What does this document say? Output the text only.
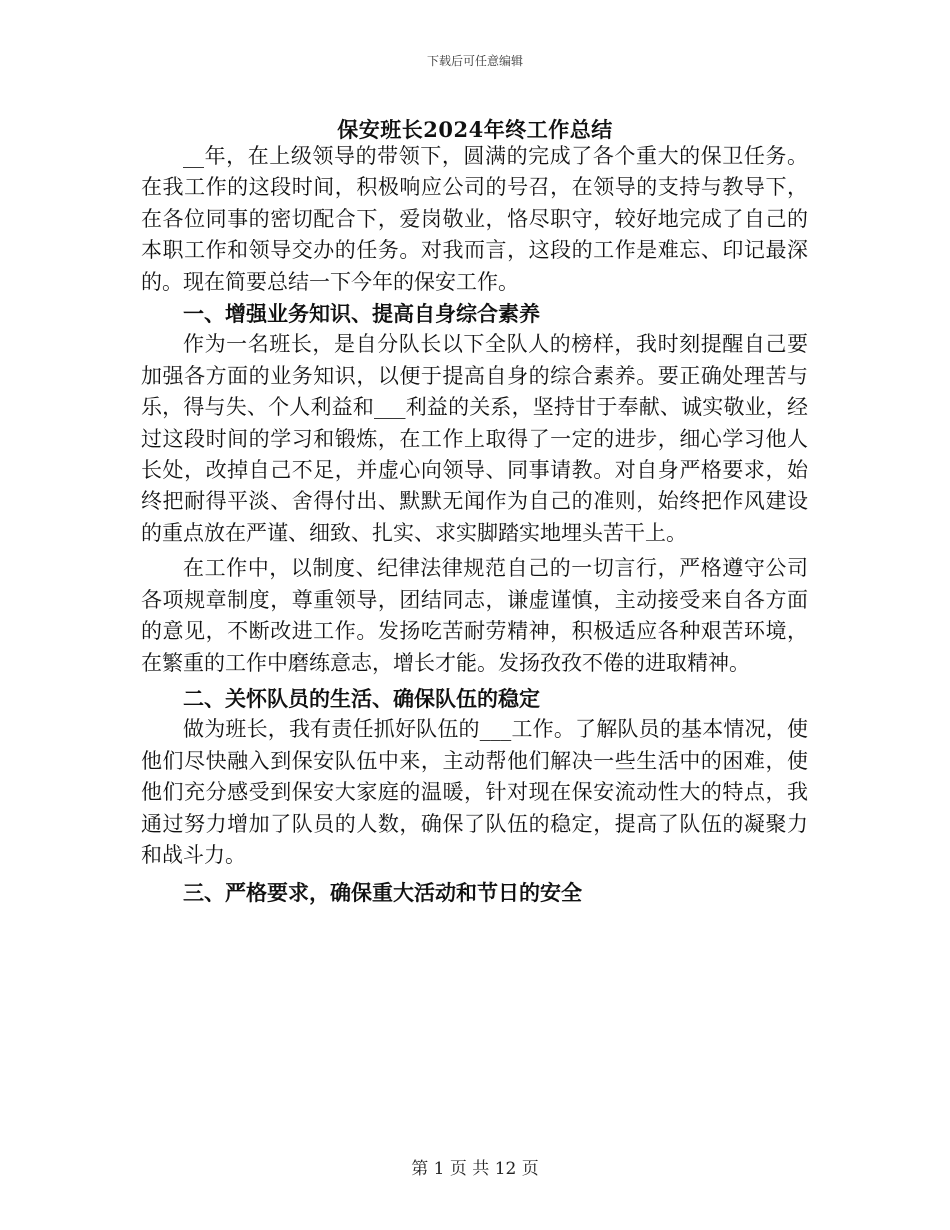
下载后可任意编辑
保安班长2024年终工作总结

__年，在上级领导的带领下，圆满的完成了各个重大的保卫任务。在我工作的这段时间，积极响应公司的号召，在领导的支持与教导下，在各位同事的密切配合下，爱岗敬业，恪尽职守，较好地完成了自己的本职工作和领导交办的任务。对我而言，这段的工作是难忘、印记最深的。现在简要总结一下今年的保安工作。

一、增强业务知识、提高自身综合素养

作为一名班长，是自分队长以下全队人的榜样，我时刻提醒自己要加强各方面的业务知识，以便于提高自身的综合素养。要正确处理苦与乐，得与失、个人利益和___利益的关系，坚持甘于奉献、诚实敬业，经过这段时间的学习和锻炼，在工作上取得了一定的进步，细心学习他人长处，改掉自己不足，并虚心向领导、同事请教。对自身严格要求，始终把耐得平淡、舍得付出、默默无闻作为自己的准则，始终把作风建设的重点放在严谨、细致、扎实、求实脚踏实地埋头苦干上。

在工作中，以制度、纪律法律规范自己的一切言行，严格遵守公司各项规章制度，尊重领导，团结同志，谦虚谨慎，主动接受来自各方面的意见，不断改进工作。发扬吃苦耐劳精神，积极适应各种艰苦环境，在繁重的工作中磨练意志，增长才能。发扬孜孜不倦的进取精神。

二、关怀队员的生活、确保队伍的稳定

做为班长，我有责任抓好队伍的___工作。了解队员的基本情况，使他们尽快融入到保安队伍中来，主动帮他们解决一些生活中的困难，使他们充分感受到保安大家庭的温暖，针对现在保安流动性大的特点，我通过努力增加了队员的人数，确保了队伍的稳定，提高了队伍的凝聚力和战斗力。

三、严格要求，确保重大活动和节日的安全

第 1 页 共 12 页
